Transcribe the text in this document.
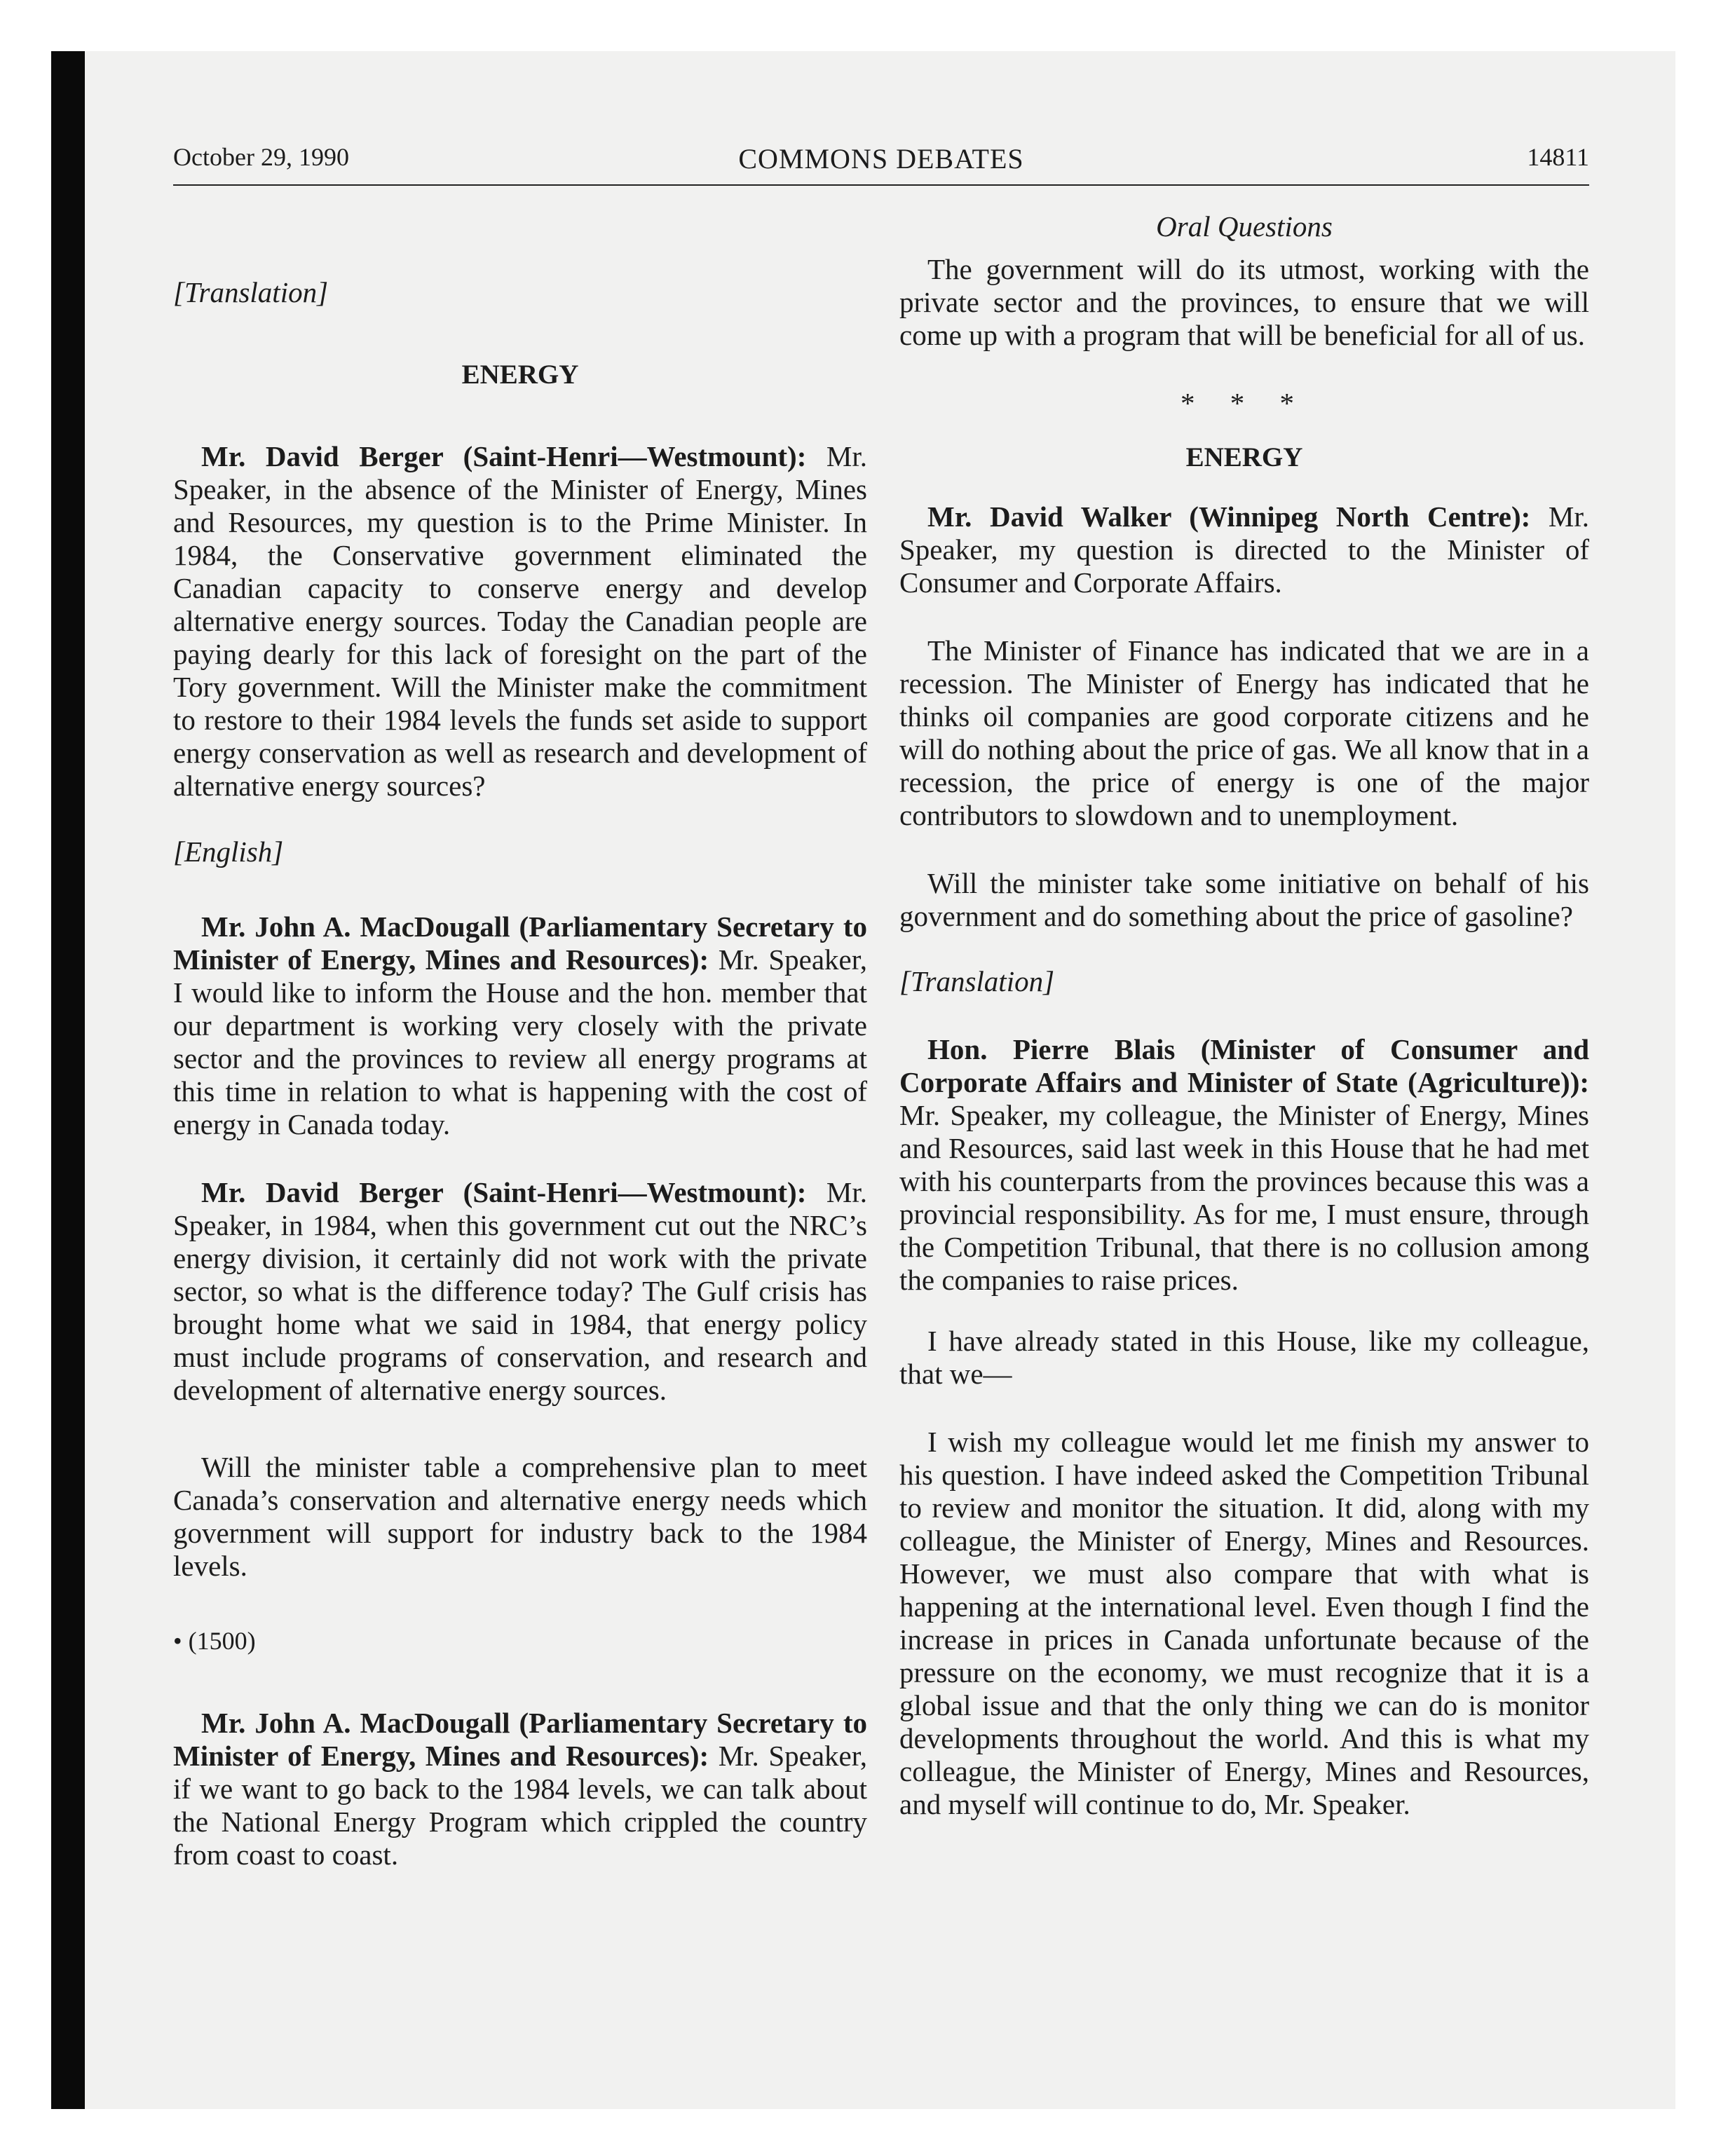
October 29, 1990	COMMONS DEBATES	14811

[Translation]

ENERGY

Mr. David Berger (Saint-Henri—Westmount): Mr. Speaker, in the absence of the Minister of Energy, Mines and Resources, my question is to the Prime Minister. In 1984, the Conservative government eliminated the Canadian capacity to conserve energy and develop alternative energy sources. Today the Canadian people are paying dearly for this lack of foresight on the part of the Tory government. Will the Minister make the commitment to restore to their 1984 levels the funds set aside to support energy conservation as well as research and development of alternative energy sources?

[English]

Mr. John A. MacDougall (Parliamentary Secretary to Minister of Energy, Mines and Resources): Mr. Speaker, I would like to inform the House and the hon. member that our department is working very closely with the private sector and the provinces to review all energy programs at this time in relation to what is happening with the cost of energy in Canada today.

Mr. David Berger (Saint-Henri—Westmount): Mr. Speaker, in 1984, when this government cut out the NRC’s energy division, it certainly did not work with the private sector, so what is the difference today? The Gulf crisis has brought home what we said in 1984, that energy policy must include programs of conservation, and research and development of alternative energy sources.

Will the minister table a comprehensive plan to meet Canada’s conservation and alternative energy needs which government will support for industry back to the 1984 levels.

• (1500)

Mr. John A. MacDougall (Parliamentary Secretary to Minister of Energy, Mines and Resources): Mr. Speaker, if we want to go back to the 1984 levels, we can talk about the National Energy Program which crippled the country from coast to coast.

Oral Questions

The government will do its utmost, working with the private sector and the provinces, to ensure that we will come up with a program that will be beneficial for all of us.

* * *

ENERGY

Mr. David Walker (Winnipeg North Centre): Mr. Speaker, my question is directed to the Minister of Consumer and Corporate Affairs.

The Minister of Finance has indicated that we are in a recession. The Minister of Energy has indicated that he thinks oil companies are good corporate citizens and he will do nothing about the price of gas. We all know that in a recession, the price of energy is one of the major contributors to slowdown and to unemployment.

Will the minister take some initiative on behalf of his government and do something about the price of gasoline?

[Translation]

Hon. Pierre Blais (Minister of Consumer and Corporate Affairs and Minister of State (Agriculture)): Mr. Speaker, my colleague, the Minister of Energy, Mines and Resources, said last week in this House that he had met with his counterparts from the provinces because this was a provincial responsibility. As for me, I must ensure, through the Competition Tribunal, that there is no collusion among the companies to raise prices.

I have already stated in this House, like my colleague, that we—

I wish my colleague would let me finish my answer to his question. I have indeed asked the Competition Tribunal to review and monitor the situation. It did, along with my colleague, the Minister of Energy, Mines and Resources. However, we must also compare that with what is happening at the international level. Even though I find the increase in prices in Canada unfortunate because of the pressure on the economy, we must recognize that it is a global issue and that the only thing we can do is monitor developments throughout the world. And this is what my colleague, the Minister of Energy, Mines and Resources, and myself will continue to do, Mr. Speaker.
